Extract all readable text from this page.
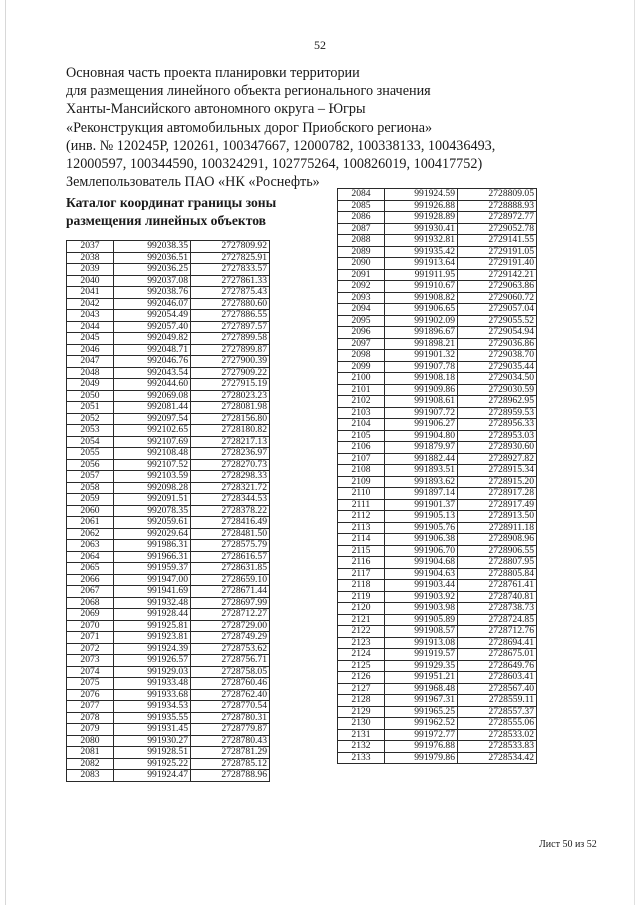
52
Основная часть проекта планировки территории
для размещения линейного объекта регионального значения
Ханты-Мансийского автономного округа – Югры
«Реконструкция автомобильных дорог Приобского региона»
(инв. № 120245Р, 120261, 100347667, 12000782, 100338133, 100436493,
12000597, 100344590, 100324291, 102775264, 100826019, 100417752)
Землепользователь ПАО «НК «Роснефть»
Каталог координат границы зоны размещения линейных объектов
2037	992038.35	2727809.92
2038	992036.51	2727825.91
2039	992036.25	2727833.57
2040	992037.08	2727861.33
2041	992038.76	2727875.43
2042	992046.07	2727880.60
2043	992054.49	2727886.55
2044	992057.40	2727897.57
2045	992049.82	2727899.58
2046	992048.71	2727899.87
2047	992046.76	2727900.39
2048	992043.54	2727909.22
2049	992044.60	2727915.19
2050	992069.08	2728023.23
2051	992081.44	2728081.98
2052	992097.54	2728156.80
2053	992102.65	2728180.82
2054	992107.69	2728217.13
2055	992108.48	2728236.97
2056	992107.52	2728270.73
2057	992103.59	2728298.33
2058	992098.28	2728321.72
2059	992091.51	2728344.53
2060	992078.35	2728378.22
2061	992059.61	2728416.49
2062	992029.64	2728481.50
2063	991986.31	2728575.79
2064	991966.31	2728616.57
2065	991959.37	2728631.85
2066	991947.00	2728659.10
2067	991941.69	2728671.44
2068	991932.48	2728697.99
2069	991928.44	2728712.27
2070	991925.81	2728729.00
2071	991923.81	2728749.29
2072	991924.39	2728753.62
2073	991926.57	2728756.71
2074	991929.03	2728758.05
2075	991933.48	2728760.46
2076	991933.68	2728762.40
2077	991934.53	2728770.54
2078	991935.55	2728780.31
2079	991931.45	2728779.87
2080	991930.27	2728780.43
2081	991928.51	2728781.29
2082	991925.22	2728785.12
2083	991924.47	2728788.96
2084	991924.59	2728809.05
2085	991926.88	2728888.93
2086	991928.89	2728972.77
2087	991930.41	2729052.78
2088	991932.81	2729141.55
2089	991935.42	2729191.05
2090	991913.64	2729191.40
2091	991911.95	2729142.21
2092	991910.67	2729063.86
2093	991908.82	2729060.72
2094	991906.65	2729057.04
2095	991902.09	2729055.52
2096	991896.67	2729054.94
2097	991898.21	2729036.86
2098	991901.32	2729038.70
2099	991907.78	2729035.44
2100	991908.18	2729034.50
2101	991909.86	2729030.59
2102	991908.61	2728962.95
2103	991907.72	2728959.53
2104	991906.27	2728956.33
2105	991904.80	2728953.03
2106	991879.97	2728930.60
2107	991882.44	2728927.82
2108	991893.51	2728915.34
2109	991893.62	2728915.20
2110	991897.14	2728917.28
2111	991901.37	2728917.49
2112	991905.13	2728913.50
2113	991905.76	2728911.18
2114	991906.38	2728908.96
2115	991906.70	2728906.55
2116	991904.68	2728807.95
2117	991904.63	2728805.84
2118	991903.44	2728761.41
2119	991903.92	2728740.81
2120	991903.98	2728738.73
2121	991905.89	2728724.85
2122	991908.57	2728712.76
2123	991913.08	2728694.41
2124	991919.57	2728675.01
2125	991929.35	2728649.76
2126	991951.21	2728603.41
2127	991968.48	2728567.40
2128	991967.31	2728559.11
2129	991965.25	2728557.37
2130	991962.52	2728555.06
2131	991972.77	2728533.02
2132	991976.88	2728533.83
2133	991979.86	2728534.42
Лист 50 из 52
